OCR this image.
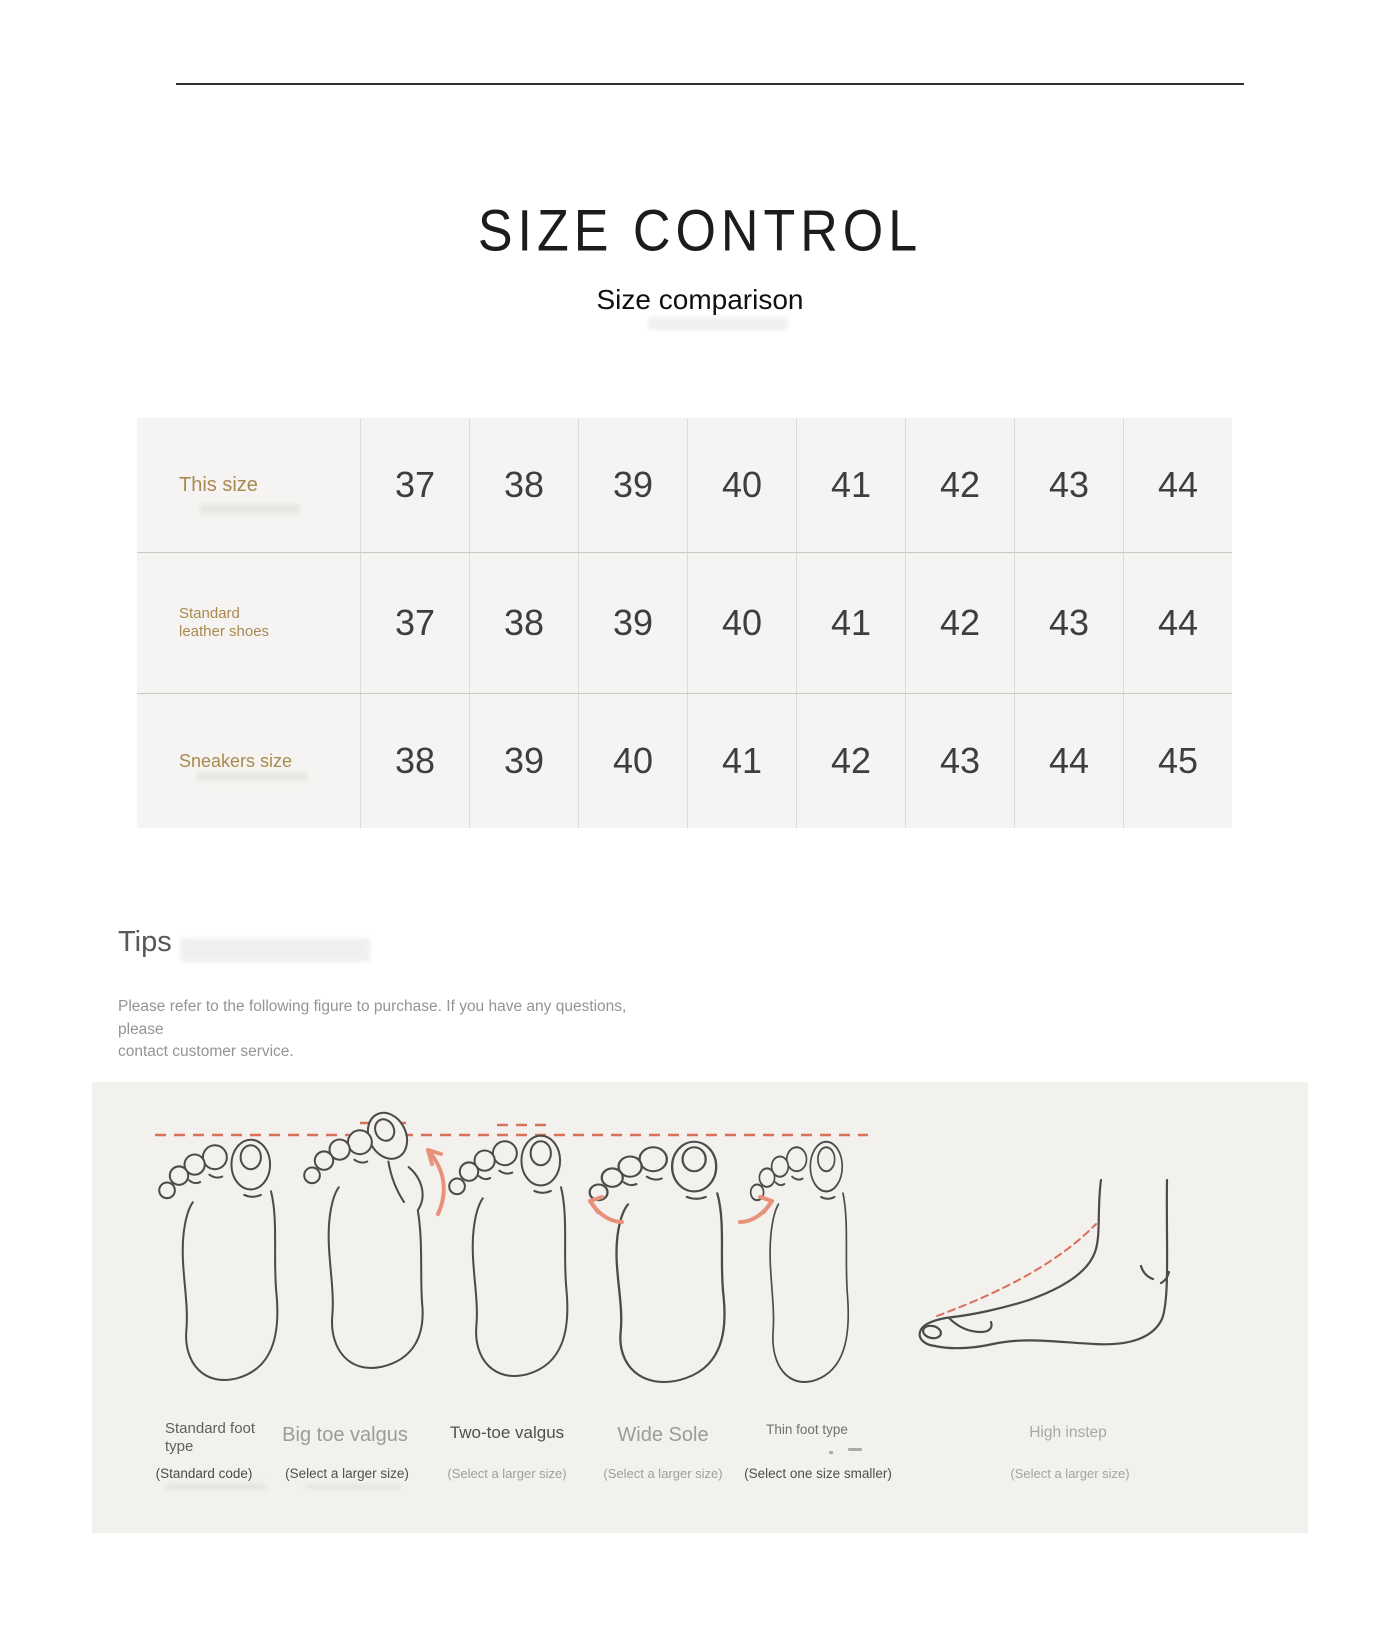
SIZE CONTROL
Size comparison
This size	37	38	39	40	41	42	43	44
Standard
leather shoes	37	38	39	40	41	42	43	44
Sneakers size	38	39	40	41	42	43	44	45
Tips
Please refer to the following figure to purchase. If you have any questions, please
contact customer service.
Standard foot type
Big toe valgus Two-toe valgus	Wide Sole	Thin foot type	High instep
(Standard code) (Select a larger size)	(Select a larger size)	(Select a larger size) (Select one size smaller)	(Select a larger size)
